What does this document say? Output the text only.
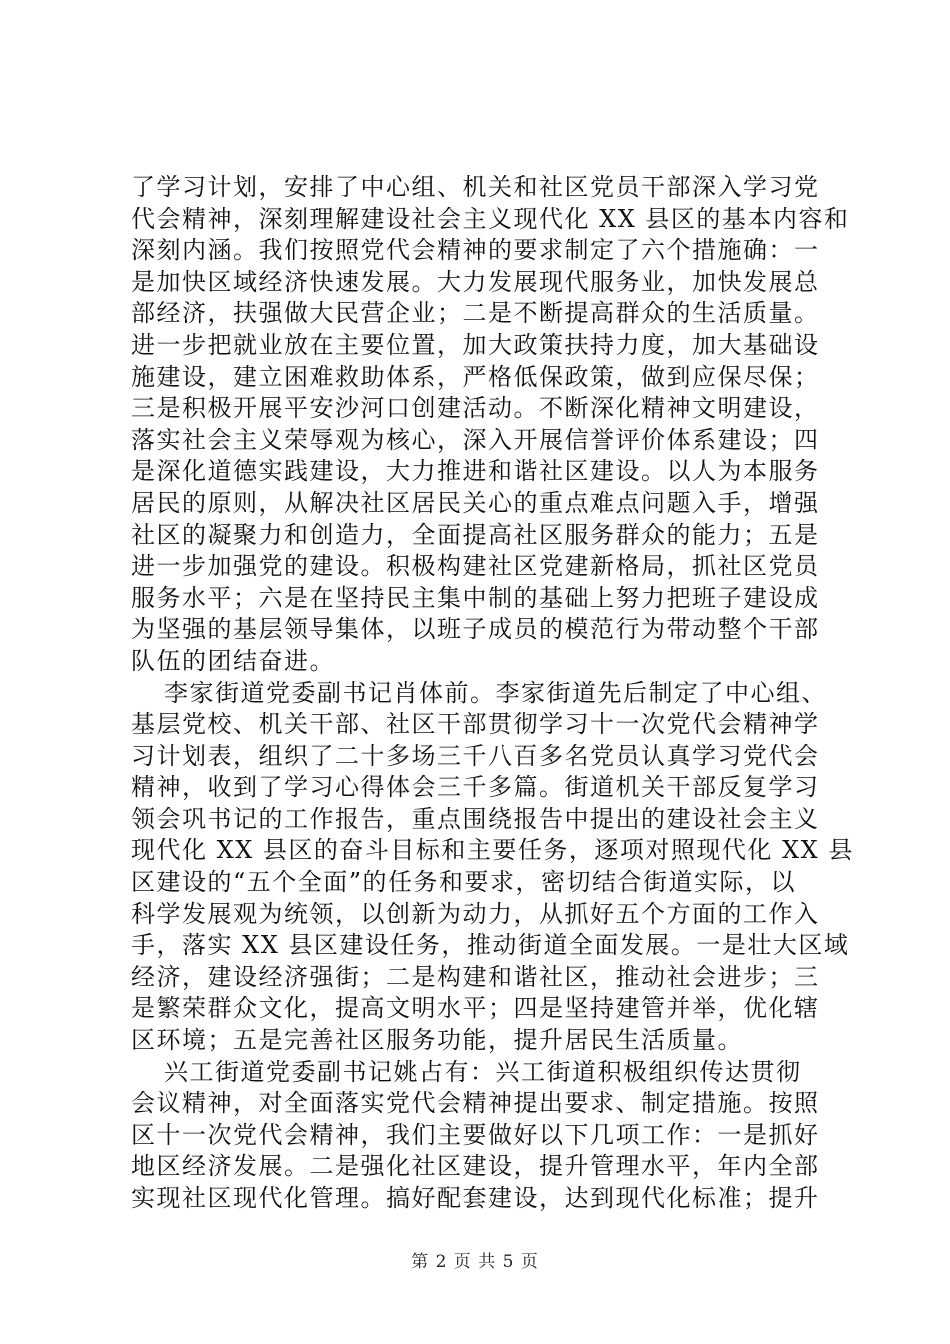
了学习计划，安排了中心组、机关和社区党员干部深入学习党
代会精神，深刻理解建设社会主义现代化 XX 县区的基本内容和
深刻内涵。我们按照党代会精神的要求制定了六个措施确：一
是加快区域经济快速发展。大力发展现代服务业，加快发展总
部经济，扶强做大民营企业；二是不断提高群众的生活质量。
进一步把就业放在主要位置，加大政策扶持力度，加大基础设
施建设，建立困难救助体系，严格低保政策，做到应保尽保；
三是积极开展平安沙河口创建活动。不断深化精神文明建设，
落实社会主义荣辱观为核心，深入开展信誉评价体系建设；四
是深化道德实践建设，大力推进和谐社区建设。以人为本服务
居民的原则，从解决社区居民关心的重点难点问题入手，增强
社区的凝聚力和创造力，全面提高社区服务群众的能力；五是
进一步加强党的建设。积极构建社区党建新格局，抓社区党员
服务水平；六是在坚持民主集中制的基础上努力把班子建设成
为坚强的基层领导集体，以班子成员的模范行为带动整个干部
队伍的团结奋进。
李家街道党委副书记肖体前。李家街道先后制定了中心组、
基层党校、机关干部、社区干部贯彻学习十一次党代会精神学
习计划表，组织了二十多场三千八百多名党员认真学习党代会
精神，收到了学习心得体会三千多篇。街道机关干部反复学习
领会巩书记的工作报告，重点围绕报告中提出的建设社会主义
现代化 XX 县区的奋斗目标和主要任务，逐项对照现代化 XX 县
区建设的“五个全面”的任务和要求，密切结合街道实际，以
科学发展观为统领，以创新为动力，从抓好五个方面的工作入
手，落实 XX 县区建设任务，推动街道全面发展。一是壮大区域
经济，建设经济强街；二是构建和谐社区，推动社会进步；三
是繁荣群众文化，提高文明水平；四是坚持建管并举，优化辖
区环境；五是完善社区服务功能，提升居民生活质量。
兴工街道党委副书记姚占有：兴工街道积极组织传达贯彻
会议精神，对全面落实党代会精神提出要求、制定措施。按照
区十一次党代会精神，我们主要做好以下几项工作：一是抓好
地区经济发展。二是强化社区建设，提升管理水平，年内全部
实现社区现代化管理。搞好配套建设，达到现代化标准；提升
第 2 页 共 5 页
